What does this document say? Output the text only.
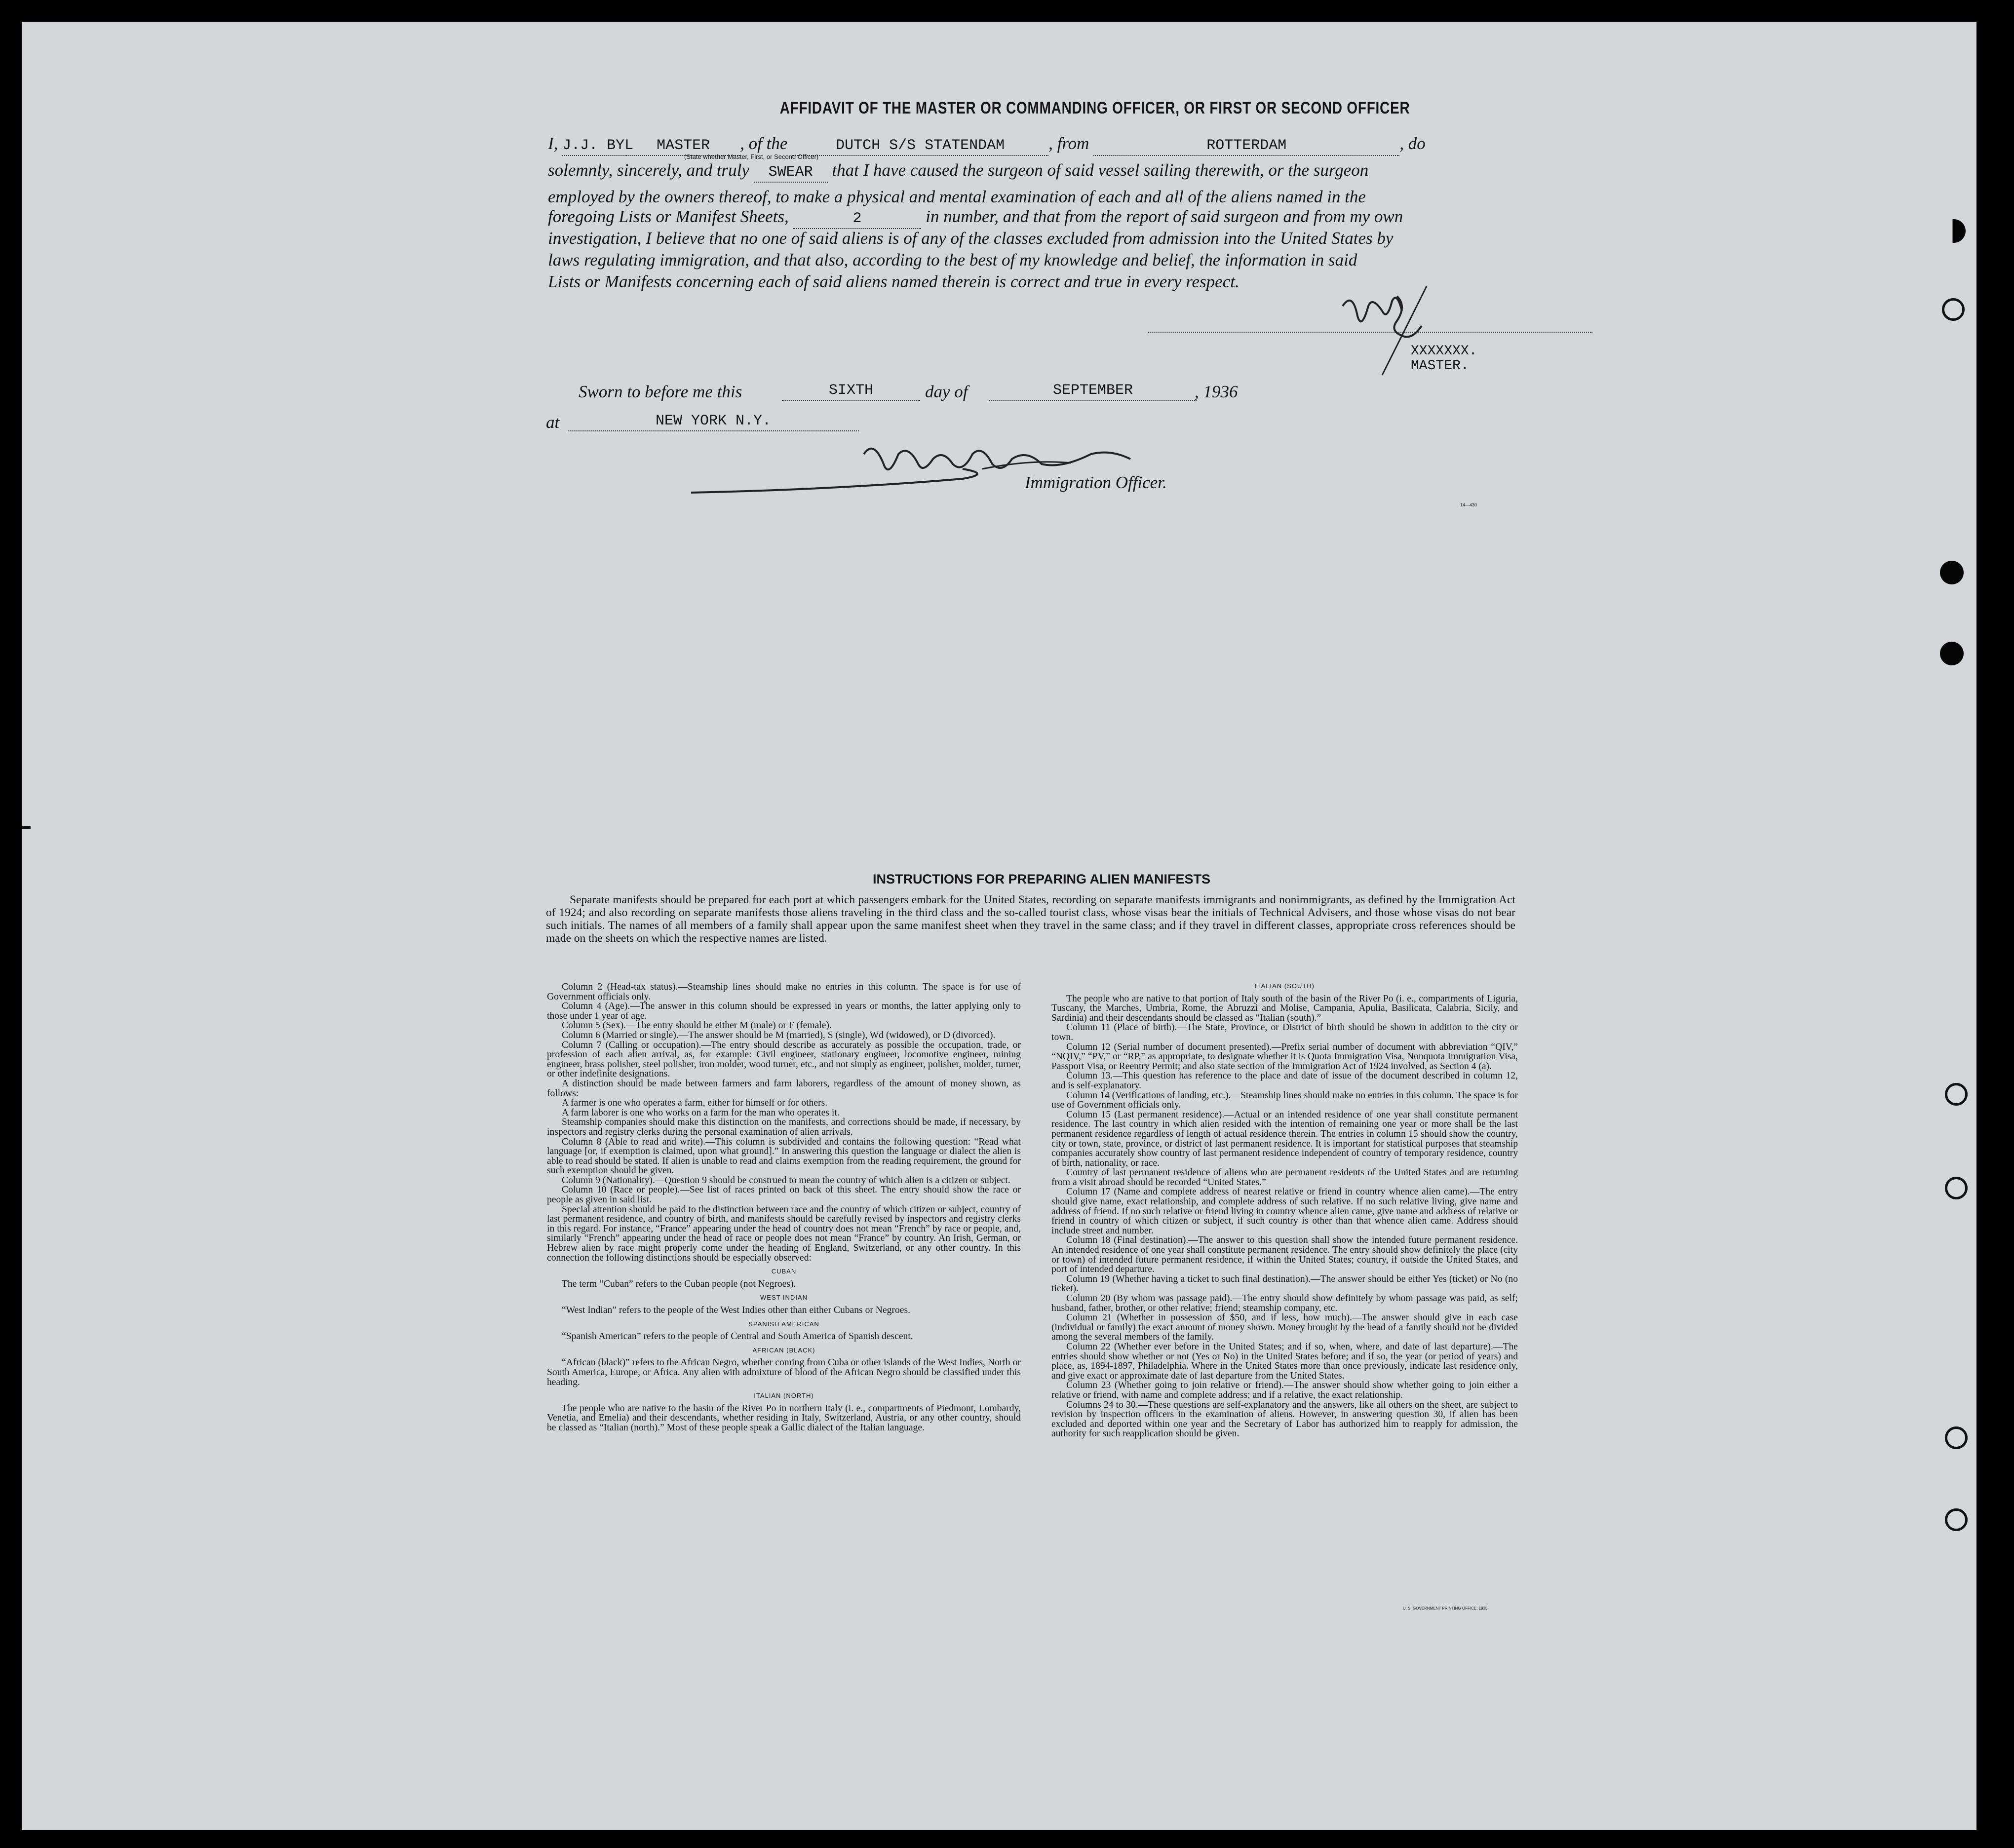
AFFIDAVIT OF THE MASTER OR COMMANDING OFFICER, OR FIRST OR SECOND OFFICER
I, J.J. BYL MASTER , of the	DUTCH S/S STATENDAM	, from	ROTTERDAM	, do
(State whether Master, First, or Second Officer)
solemnly, sincerely, and truly SWEAR that I have caused the surgeon of said vessel sailing therewith, or the surgeon
employed by the owners thereof, to make a physical and mental examination of each and all of the aliens named in the
foregoing Lists or Manifest Sheets,	2	in number, and that from the report of said surgeon and from my own
investigation, I believe that no one of said aliens is of any of the classes excluded from admission into the United States by
laws regulating immigration, and that also, according to the best of my knowledge and belief, the information in said
Lists or Manifests concerning each of said aliens named therein is correct and true in every respect.
XXXXXXX.
MASTER.
Sworn to before me this	SIXTH	day of	SEPTEMBER	, 1936
at	NEW YORK N.Y.
Immigration Officer.
14—430
INSTRUCTIONS FOR PREPARING ALIEN MANIFESTS
Separate manifests should be prepared for each port at which passengers embark for the United States, recording on separate manifests immigrants and nonimmigrants, as defined by the Immigration Act of 1924; and also recording on separate manifests those aliens traveling in the third class and the so-called tourist class, whose visas bear the initials of Technical Advisers, and those whose visas do not bear such initials. The names of all members of a family shall appear upon the same manifest sheet when they travel in the same class; and if they travel in different classes, appropriate cross references should be made on the sheets on which the respective names are listed.

Column 2 (Head-tax status).—Steamship lines should make no entries in this column. The space is for use of Government officials only.

Column 4 (Age).—The answer in this column should be expressed in years or months, the latter applying only to those under 1 year of age.

Column 5 (Sex).—The entry should be either M (male) or F (female).

Column 6 (Married or single).—The answer should be M (married), S (single), Wd (widowed), or D (divorced).

Column 7 (Calling or occupation).—The entry should describe as accurately as possible the occupation, trade, or profession of each alien arrival, as, for example: Civil engineer, stationary engineer, locomotive engineer, mining engineer, brass polisher, steel polisher, iron molder, wood turner, etc., and not simply as engineer, polisher, molder, turner, or other indefinite designations.

A distinction should be made between farmers and farm laborers, regardless of the amount of money shown, as follows:

A farmer is one who operates a farm, either for himself or for others.

A farm laborer is one who works on a farm for the man who operates it.

Steamship companies should make this distinction on the manifests, and corrections should be made, if necessary, by inspectors and registry clerks during the personal examination of alien arrivals.

Column 8 (Able to read and write).—This column is subdivided and contains the following question: “Read what language [or, if exemption is claimed, upon what ground].” In answering this question the language or dialect the alien is able to read should be stated. If alien is unable to read and claims exemption from the reading requirement, the ground for such exemption should be given.

Column 9 (Nationality).—Question 9 should be construed to mean the country of which alien is a citizen or subject.

Column 10 (Race or people).—See list of races printed on back of this sheet. The entry should show the race or people as given in said list.

Special attention should be paid to the distinction between race and the country of which citizen or subject, country of last permanent residence, and country of birth, and manifests should be carefully revised by inspectors and registry clerks in this regard. For instance, “France” appearing under the head of country does not mean “French” by race or people, and, similarly “French” appearing under the head of race or people does not mean “France” by country. An Irish, German, or Hebrew alien by race might properly come under the heading of England, Switzerland, or any other country. In this connection the following distinctions should be especially observed:

CUBAN

The term “Cuban” refers to the Cuban people (not Negroes).

WEST INDIAN

“West Indian” refers to the people of the West Indies other than either Cubans or Negroes.

SPANISH AMERICAN

“Spanish American” refers to the people of Central and South America of Spanish descent.

AFRICAN (BLACK)

“African (black)” refers to the African Negro, whether coming from Cuba or other islands of the West Indies, North or South America, Europe, or Africa. Any alien with admixture of blood of the African Negro should be classified under this heading.

ITALIAN (NORTH)

The people who are native to the basin of the River Po in northern Italy (i. e., compartments of Piedmont, Lombardy, Venetia, and Emelia) and their descendants, whether residing in Italy, Switzerland, Austria, or any other country, should be classed as “Italian (north).” Most of these people speak a Gallic dialect of the Italian language.

ITALIAN (SOUTH)

The people who are native to that portion of Italy south of the basin of the River Po (i. e., compartments of Liguria, Tuscany, the Marches, Umbria, Rome, the Abruzzi and Molise, Campania, Apulia, Basilicata, Calabria, Sicily, and Sardinia) and their descendants should be classed as “Italian (south).”

Column 11 (Place of birth).—The State, Province, or District of birth should be shown in addition to the city or town.

Column 12 (Serial number of document presented).—Prefix serial number of document with abbreviation “QIV,” “NQIV,” “PV,” or “RP,” as appropriate, to designate whether it is Quota Immigration Visa, Nonquota Immigration Visa, Passport Visa, or Reentry Permit; and also state section of the Immigration Act of 1924 involved, as Section 4 (a).

Column 13.—This question has reference to the place and date of issue of the document described in column 12, and is self-explanatory.

Column 14 (Verifications of landing, etc.).—Steamship lines should make no entries in this column. The space is for use of Government officials only.

Column 15 (Last permanent residence).—Actual or an intended residence of one year shall constitute permanent residence. The last country in which alien resided with the intention of remaining one year or more shall be the last permanent residence regardless of length of actual residence therein. The entries in column 15 should show the country, city or town, state, province, or district of last permanent residence. It is important for statistical purposes that steamship companies accurately show country of last permanent residence independent of country of temporary residence, country of birth, nationality, or race.

Country of last permanent residence of aliens who are permanent residents of the United States and are returning from a visit abroad should be recorded “United States.”

Column 17 (Name and complete address of nearest relative or friend in country whence alien came).—The entry should give name, exact relationship, and complete address of such relative. If no such relative living, give name and address of friend. If no such relative or friend living in country whence alien came, give name and address of relative or friend in country of which citizen or subject, if such country is other than that whence alien came. Address should include street and number.

Column 18 (Final destination).—The answer to this question shall show the intended future permanent residence. An intended residence of one year shall constitute permanent residence. The entry should show definitely the place (city or town) of intended future permanent residence, if within the United States; country, if outside the United States, and port of intended departure.

Column 19 (Whether having a ticket to such final destination).—The answer should be either Yes (ticket) or No (no ticket).

Column 20 (By whom was passage paid).—The entry should show definitely by whom passage was paid, as self; husband, father, brother, or other relative; friend; steamship company, etc.

Column 21 (Whether in possession of $50, and if less, how much).—The answer should give in each case (individual or family) the exact amount of money shown. Money brought by the head of a family should not be divided among the several members of the family.

Column 22 (Whether ever before in the United States; and if so, when, where, and date of last departure).—The entries should show whether or not (Yes or No) in the United States before; and if so, the year (or period of years) and place, as, 1894-1897, Philadelphia. Where in the United States more than once previously, indicate last residence only, and give exact or approximate date of last departure from the United States.

Column 23 (Whether going to join relative or friend).—The answer should show whether going to join either a relative or friend, with name and complete address; and if a relative, the exact relationship.

Columns 24 to 30.—These questions are self-explanatory and the answers, like all others on the sheet, are subject to revision by inspection officers in the examination of aliens. However, in answering question 30, if alien has been excluded and deported within one year and the Secretary of Labor has authorized him to reapply for admission, the authority for such reapplication should be given.

U. S. GOVERNMENT PRINTING OFFICE: 1935
